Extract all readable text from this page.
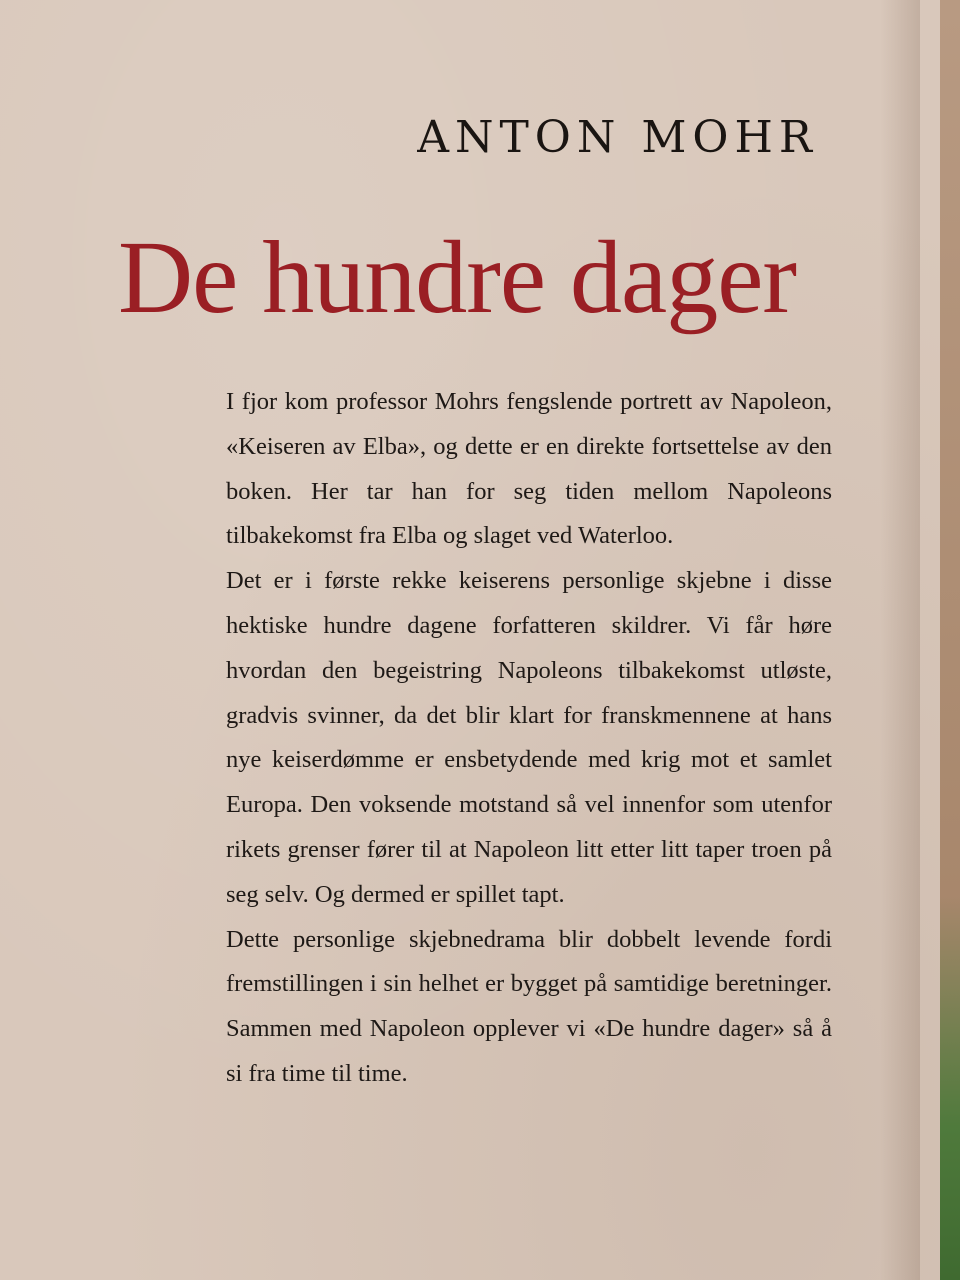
ANTON MOHR
De hundre dager

I fjor kom professor Mohrs fengslende portrett av Napoleon, «Keiseren av Elba», og dette er en direkte fortsettelse av den boken. Her tar han for seg tiden mellom Napoleons tilbakekomst fra Elba og slaget ved Waterloo.

Det er i første rekke keiserens personlige skjebne i disse hektiske hundre dagene forfatteren skildrer. Vi får høre hvordan den begeistring Napoleons tilbakekomst utløste, gradvis svinner, da det blir klart for franskmennene at hans nye keiserdømme er ensbetydende med krig mot et samlet Europa. Den voksende motstand så vel innenfor som utenfor rikets grenser fører til at Napoleon litt etter litt taper troen på seg selv. Og dermed er spillet tapt.

Dette personlige skjebnedrama blir dobbelt levende fordi fremstillingen i sin helhet er bygget på samtidige beretninger. Sammen med Napoleon opplever vi «De hundre dager» så å si fra time til time.
